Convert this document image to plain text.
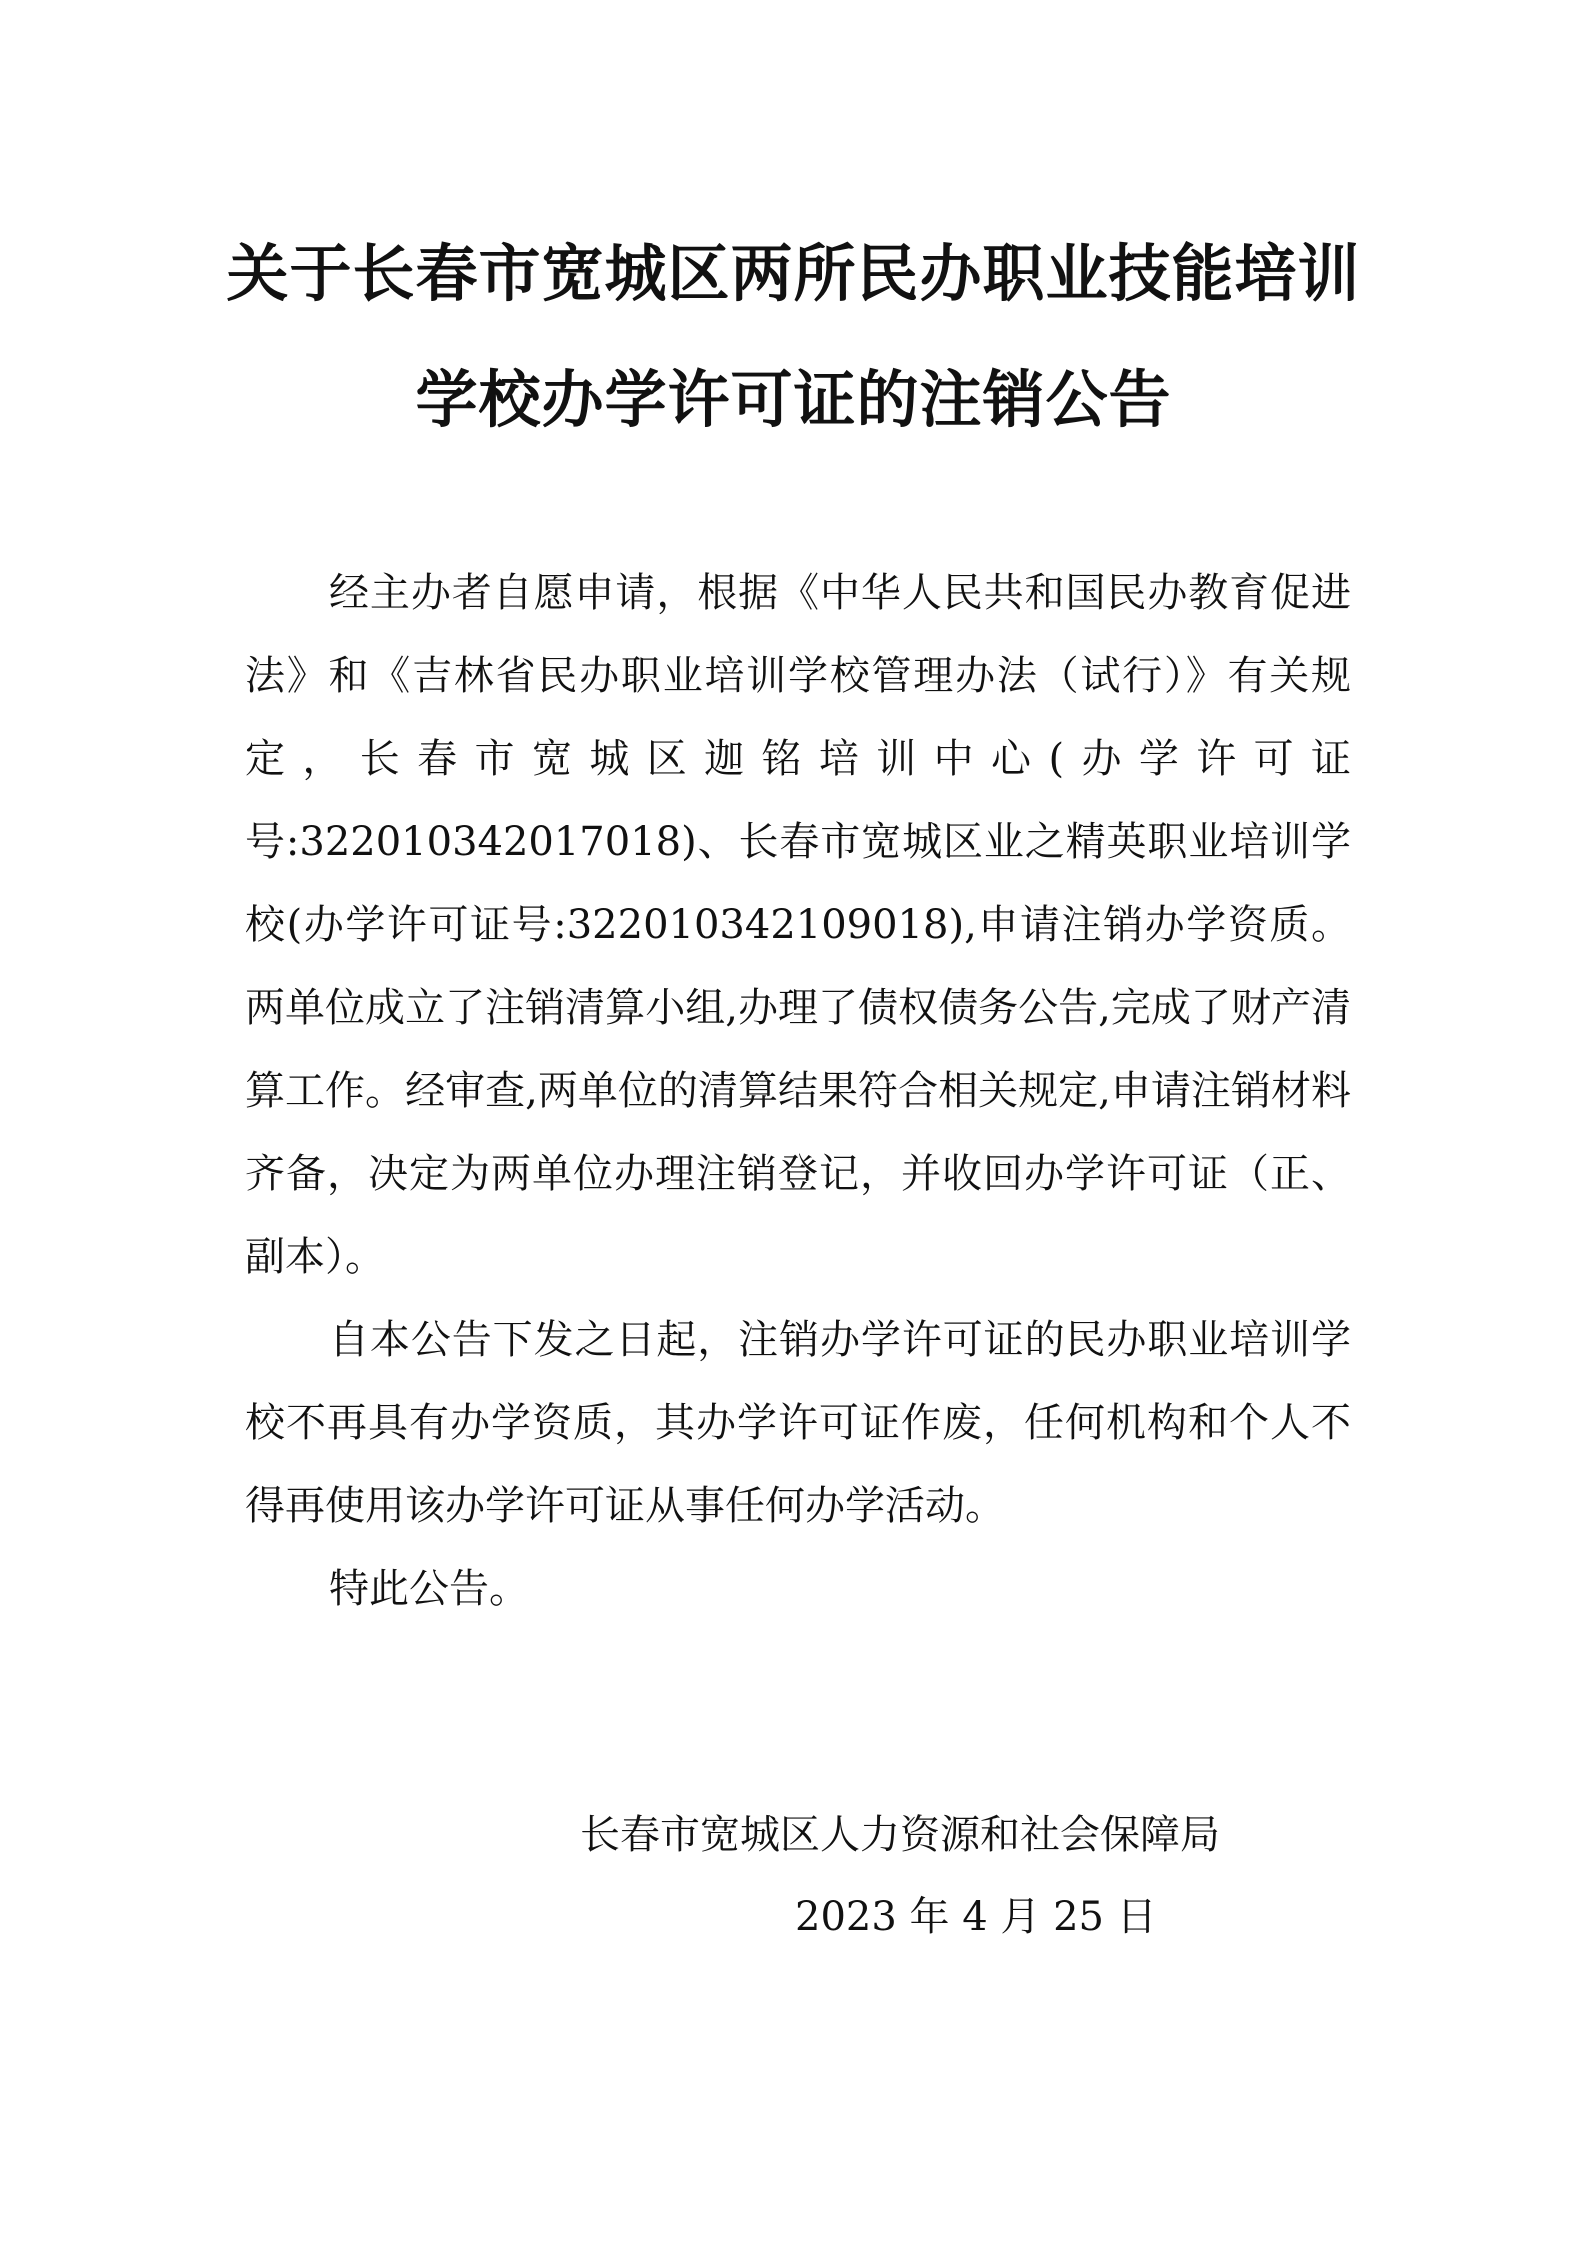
关于长春市宽城区两所民办职业技能培训
学校办学许可证的注销公告

经主办者自愿申请，根据《中华人民共和国民办教育促进法》和《吉林省民办职业培训学校管理办法（试行）》有关规定，长春市宽城区迦铭培训中心(办学许可证号:322010342017018)、长春市宽城区业之精英职业培训学校(办学许可证号:322010342109018),申请注销办学资质。两单位成立了注销清算小组,办理了债权债务公告,完成了财产清算工作。经审查,两单位的清算结果符合相关规定,申请注销材料齐备，决定为两单位办理注销登记，并收回办学许可证（正、副本）。

自本公告下发之日起，注销办学许可证的民办职业培训学校不再具有办学资质，其办学许可证作废，任何机构和个人不得再使用该办学许可证从事任何办学活动。

特此公告。

长春市宽城区人力资源和社会保障局
2023 年 4 月 25 日
